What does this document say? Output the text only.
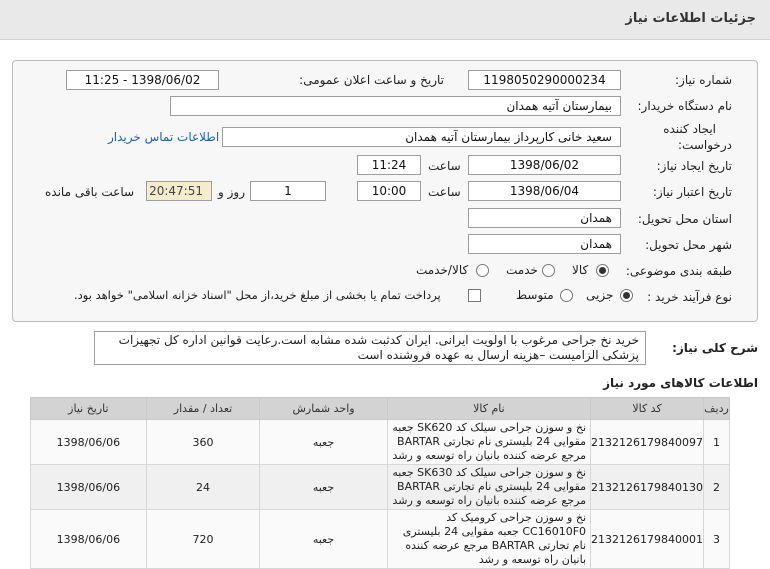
جزئیات اطلاعات نیاز
شماره نیاز:
1198050290000234
تاریخ و ساعت اعلان عمومی:
1398/06/02 - 11:25
نام دستگاه خریدار:
بیمارستان آتیه همدان
ایجاد کننده
درخواست:
سعید خانی کارپرداز بیمارستان آتیه همدان
اطلاعات تماس خریدار
تاریخ ایجاد نیاز:
1398/06/02
ساعت
11:24
تاریخ اعتبار نیاز:
1398/06/04
ساعت
10:00
1
روز و
20:47:51
ساعت باقی مانده
استان محل تحویل:
همدان
شهر محل تحویل:
همدان
طبقه بندی موضوعی:
کالا
خدمت
کالا/خدمت
نوع فرآیند خرید :
جزیی
متوسط
پرداخت تمام یا بخشی از مبلغ خرید،از محل "اسناد خزانه اسلامی" خواهد بود.
شرح کلی نیاز:
خرید نخ جراحی مرغوب با اولویت ایرانی. ایران کدثبت شده مشابه است.رعایت قوانین اداره کل تجهیزات پزشکی الزامیست –هزینه ارسال به عهده فروشنده است
اطلاعات کالاهای مورد نیاز
ردیف	کد کالا	نام کالا	واحد شمارش	تعداد / مقدار	تاریخ نیاز
1	2132126179840097	نخ و سوزن جراحی سیلک کد SK620 جعبه مقوایی 24 بلیستری نام تجارتی BARTAR مرجع عرضه کننده بانیان راه توسعه و رشد	جعبه	360	1398/06/06
2	2132126179840130	نخ و سوزن جراحی سیلک کد SK630 جعبه مقوایی 24 بلیستری نام تجارتی BARTAR مرجع عرضه کننده بانیان راه توسعه و رشد	جعبه	24	1398/06/06
3	2132126179840001	نخ و سوزن جراحی کرومیک کد CC16010F0 جعبه مقوایی 24 بلیستری نام تجارتی BARTAR مرجع عرضه کننده بانیان راه توسعه و رشد	جعبه	720	1398/06/06
